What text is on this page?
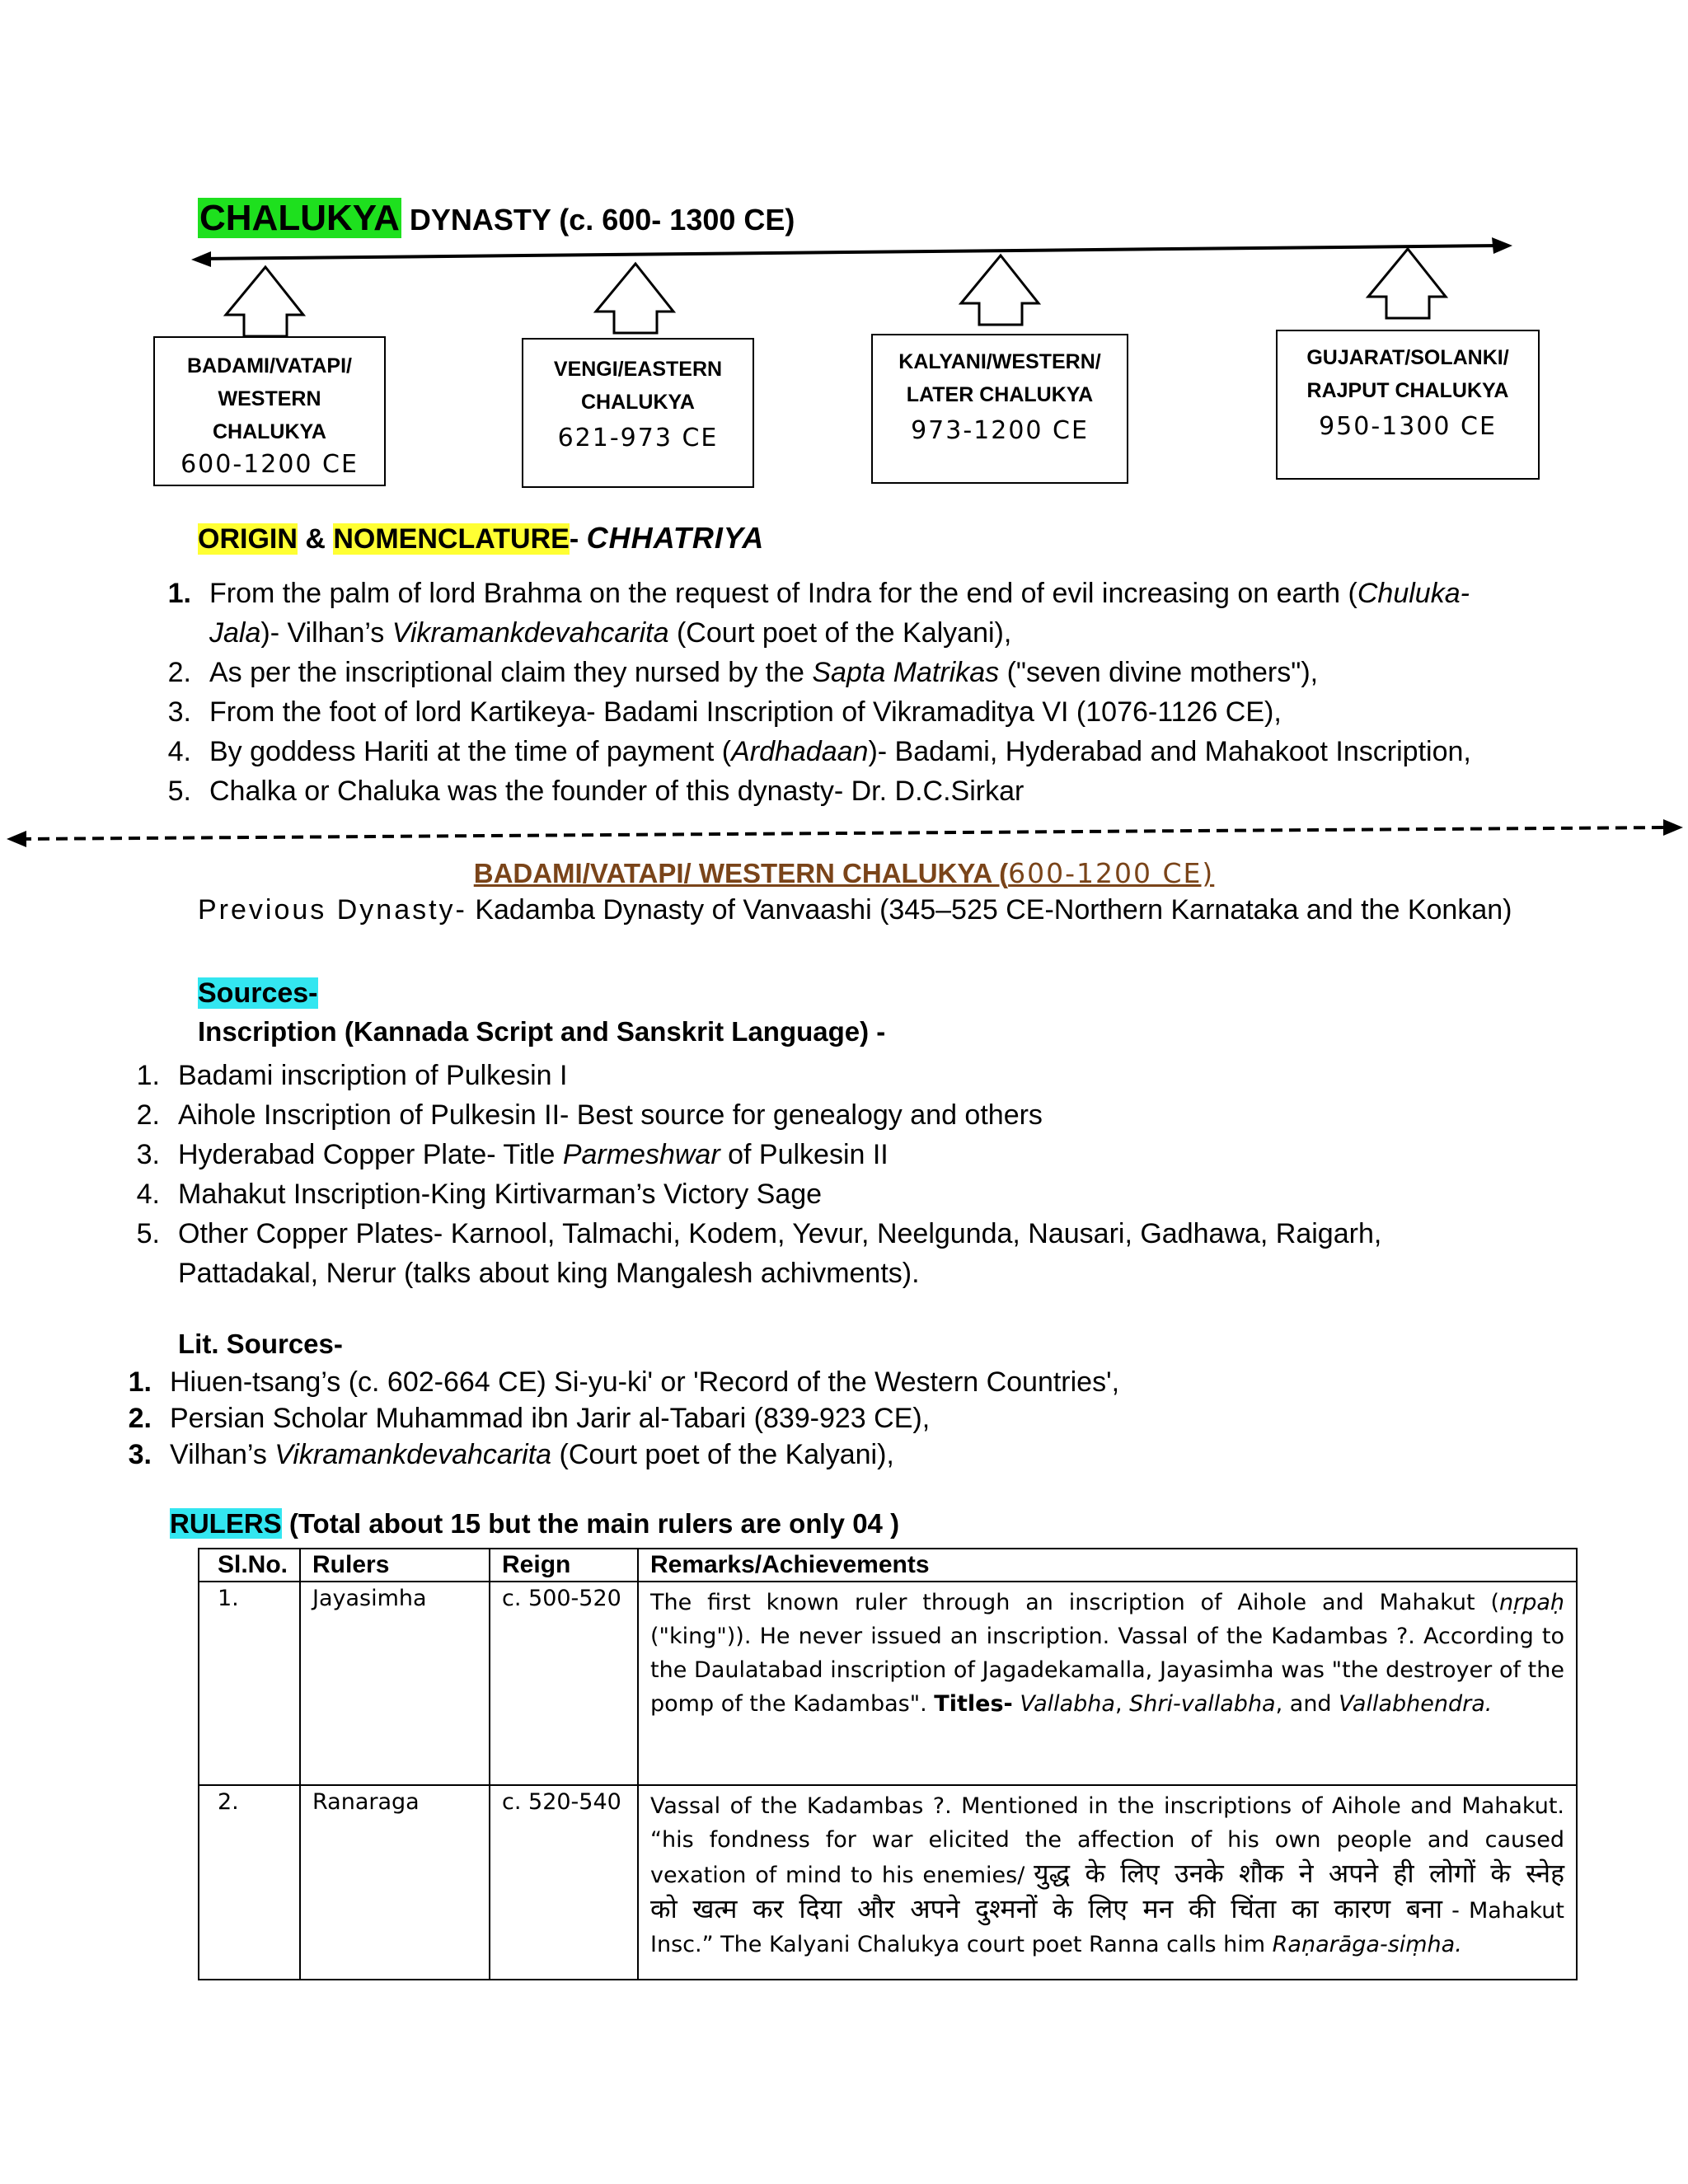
CHALUKYA DYNASTY (c. 600- 1300 CE)
BADAMI/VATAPI/
WESTERN
CHALUKYA
600-1200 CE
VENGI/EASTERN
CHALUKYA
621-973 CE
KALYANI/WESTERN/
LATER CHALUKYA
973-1200 CE
GUJARAT/SOLANKI/
RAJPUT CHALUKYA
950-1300 CE
ORIGIN & NOMENCLATURE- CHHATRIYA
1. From the palm of lord Brahma on the request of Indra for the end of evil increasing on earth (Chuluka-Jala)- Vilhan’s Vikramankdevahcarita (Court poet of the Kalyani),
2. As per the inscriptional claim they nursed by the Sapta Matrikas ("seven divine mothers"),
3. From the foot of lord Kartikeya- Badami Inscription of Vikramaditya VI (1076-1126 CE),
4. By goddess Hariti at the time of payment (Ardhadaan)- Badami, Hyderabad and Mahakoot Inscription,
5. Chalka or Chaluka was the founder of this dynasty- Dr. D.C.Sirkar
BADAMI/VATAPI/ WESTERN CHALUKYA (600-1200 CE)
Previous Dynasty- Kadamba Dynasty of Vanvaashi (345–525 CE-Northern Karnataka and the Konkan)
Sources-
Inscription (Kannada Script and Sanskrit Language) -
1. Badami inscription of Pulkesin I
2. Aihole Inscription of Pulkesin II- Best source for genealogy and others
3. Hyderabad Copper Plate- Title Parmeshwar of Pulkesin II
4. Mahakut Inscription-King Kirtivarman’s Victory Sage
5. Other Copper Plates- Karnool, Talmachi, Kodem, Yevur, Neelgunda, Nausari, Gadhawa, Raigarh, Pattadakal, Nerur (talks about king Mangalesh achivments).
Lit. Sources-
1. Hiuen-tsang’s (c. 602-664 CE) Si-yu-ki' or 'Record of the Western Countries',
2. Persian Scholar Muhammad ibn Jarir al-Tabari (839-923 CE),
3. Vilhan’s Vikramankdevahcarita (Court poet of the Kalyani),
RULERS (Total about 15 but the main rulers are only 04 )
Sl.No.	Rulers	Reign	Remarks/Achievements
1.	Jayasimha	c. 500-520	The first known ruler through an inscription of Aihole and Mahakut (nṛpaḥ ("king")). He never issued an inscription. Vassal of the Kadambas ?. According to the Daulatabad inscription of Jagadekamalla, Jayasimha was "the destroyer of the pomp of the Kadambas". Titles- Vallabha, Shri-vallabha, and Vallabhendra.
2.	Ranaraga	c. 520-540	Vassal of the Kadambas ?. Mentioned in the inscriptions of Aihole and Mahakut. “his fondness for war elicited the affection of his own people and caused vexation of mind to his enemies/ युद्ध के लिए उनके शौक ने अपने ही लोगों के स्नेह को खत्म कर दिया और अपने दुश्मनों के लिए मन की चिंता का कारण बना - Mahakut Insc.” The Kalyani Chalukya court poet Ranna calls him Raṇarāga-siṃha.
